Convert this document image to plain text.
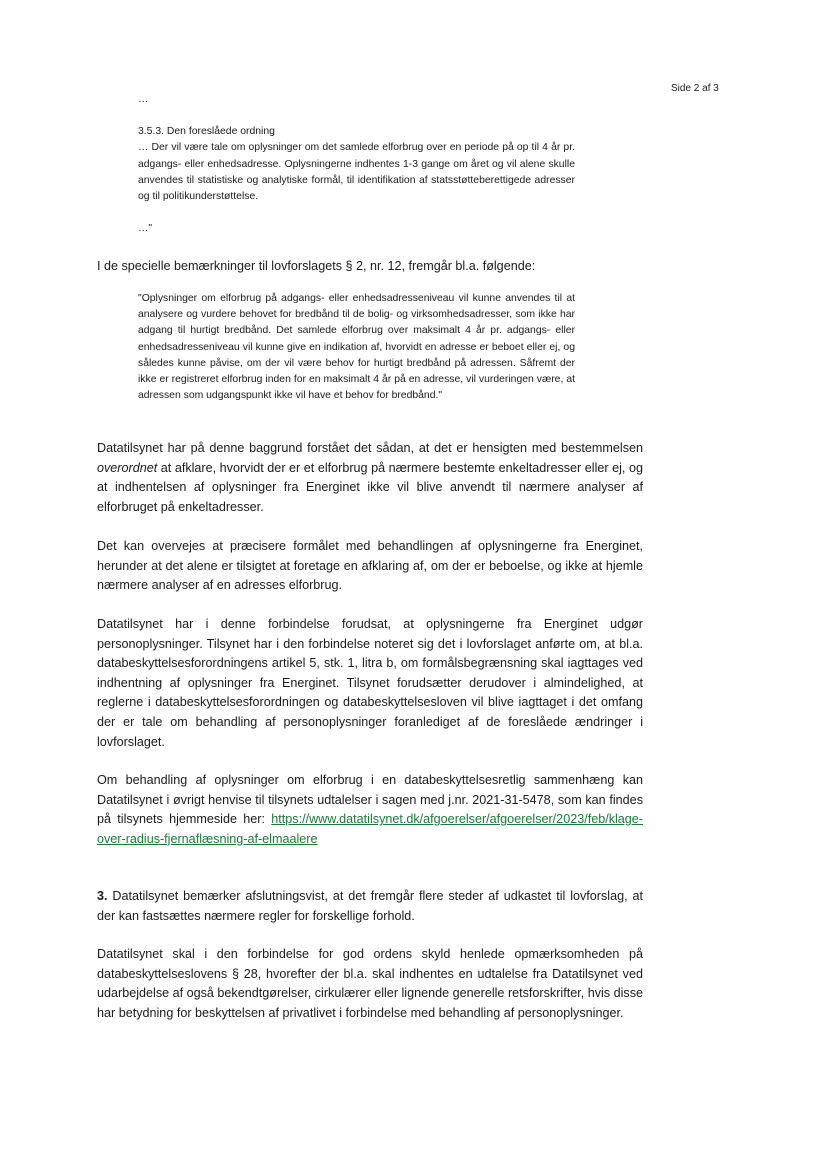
Side 2 af 3

…

3.5.3. Den foreslåede ordning

… Der vil være tale om oplysninger om det samlede elforbrug over en periode på op til 4 år pr. adgangs- eller enhedsadresse. Oplysningerne indhentes 1-3 gange om året og vil alene skulle anvendes til statistiske og analytiske formål, til identifikation af statsstøtteberettigede adresser og til politikunderstøttelse.

…"

I de specielle bemærkninger til lovforslagets § 2, nr. 12, fremgår bl.a. følgende:

"Oplysninger om elforbrug på adgangs- eller enhedsadresseniveau vil kunne anvendes til at analysere og vurdere behovet for bredbånd til de bolig- og virksomhedsadresser, som ikke har adgang til hurtigt bredbånd. Det samlede elforbrug over maksimalt 4 år pr. adgangs- eller enhedsadresseniveau vil kunne give en indikation af, hvorvidt en adresse er beboet eller ej, og således kunne påvise, om der vil være behov for hurtigt bredbånd på adressen. Såfremt der ikke er registreret elforbrug inden for en maksimalt 4 år på en adresse, vil vurderingen være, at adressen som udgangspunkt ikke vil have et behov for bredbånd."

Datatilsynet har på denne baggrund forstået det sådan, at det er hensigten med bestemmelsen overordnet at afklare, hvorvidt der er et elforbrug på nærmere bestemte enkeltadresser eller ej, og at indhentelsen af oplysninger fra Energinet ikke vil blive anvendt til nærmere analyser af elforbruget på enkeltadresser.

Det kan overvejes at præcisere formålet med behandlingen af oplysningerne fra Energinet, herunder at det alene er tilsigtet at foretage en afklaring af, om der er beboelse, og ikke at hjemle nærmere analyser af en adresses elforbrug.

Datatilsynet har i denne forbindelse forudsat, at oplysningerne fra Energinet udgør personoplysninger. Tilsynet har i den forbindelse noteret sig det i lovforslaget anførte om, at bl.a. databeskyttelsesforordningens artikel 5, stk. 1, litra b, om formålsbegrænsning skal iagttages ved indhentning af oplysninger fra Energinet. Tilsynet forudsætter derudover i almindelighed, at reglerne i databeskyttelsesforordningen og databeskyttelsesloven vil blive iagttaget i det omfang der er tale om behandling af personoplysninger foranlediget af de foreslåede ændringer i lovforslaget.

Om behandling af oplysninger om elforbrug i en databeskyttelsesretlig sammenhæng kan Datatilsynet i øvrigt henvise til tilsynets udtalelser i sagen med j.nr. 2021-31-5478, som kan findes på tilsynets hjemmeside her: https://www.datatilsynet.dk/afgoerelser/afgoerelser/2023/feb/klage-over-radius-fjernaflæsning-af-elmaalere

3. Datatilsynet bemærker afslutningsvist, at det fremgår flere steder af udkastet til lovforslag, at der kan fastsættes nærmere regler for forskellige forhold.

Datatilsynet skal i den forbindelse for god ordens skyld henlede opmærksomheden på databeskyttelseslovens § 28, hvorefter der bl.a. skal indhentes en udtalelse fra Datatilsynet ved udarbejdelse af også bekendtgørelser, cirkulærer eller lignende generelle retsforskrifter, hvis disse har betydning for beskyttelsen af privatlivet i forbindelse med behandling af personoplysninger.
